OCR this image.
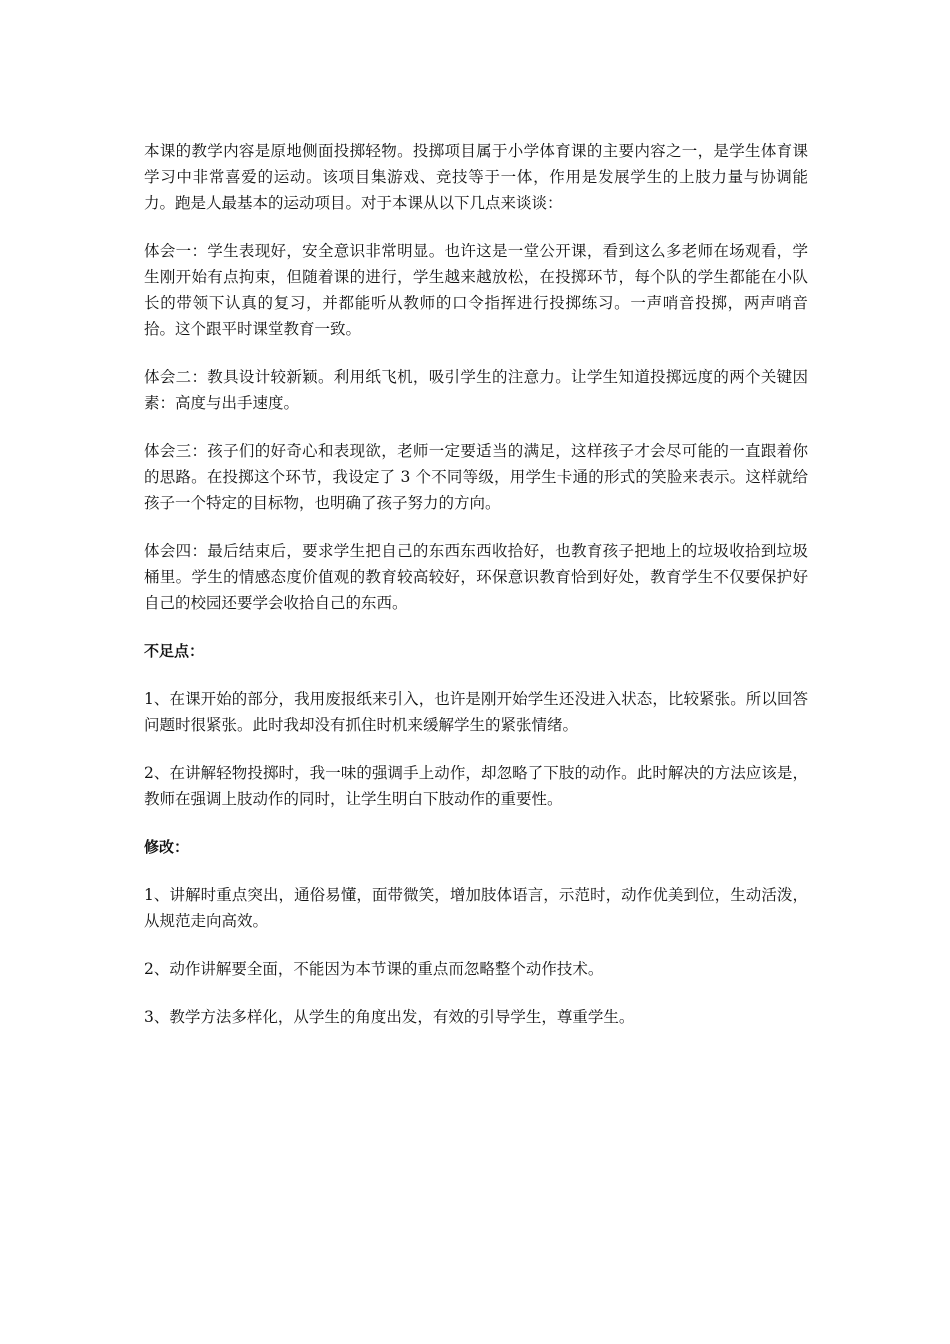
本课的教学内容是原地侧面投掷轻物。投掷项目属于小学体育课的主要内容之一，是学生体育课学习中非常喜爱的运动。该项目集游戏、竞技等于一体，作用是发展学生的上肢力量与协调能力。跑是人最基本的运动项目。对于本课从以下几点来谈谈：

体会一：学生表现好，安全意识非常明显。也许这是一堂公开课，看到这么多老师在场观看，学生刚开始有点拘束，但随着课的进行，学生越来越放松，在投掷环节，每个队的学生都能在小队长的带领下认真的复习，并都能听从教师的口令指挥进行投掷练习。一声哨音投掷，两声哨音拾。这个跟平时课堂教育一致。

体会二：教具设计较新颖。利用纸飞机，吸引学生的注意力。让学生知道投掷远度的两个关键因素：高度与出手速度。

体会三：孩子们的好奇心和表现欲，老师一定要适当的满足，这样孩子才会尽可能的一直跟着你的思路。在投掷这个环节，我设定了 3 个不同等级，用学生卡通的形式的笑脸来表示。这样就给孩子一个特定的目标物，也明确了孩子努力的方向。

体会四：最后结束后，要求学生把自己的东西东西收拾好，也教育孩子把地上的垃圾收拾到垃圾桶里。学生的情感态度价值观的教育较高较好，环保意识教育恰到好处，教育学生不仅要保护好自己的校园还要学会收拾自己的东西。

不足点：

1、在课开始的部分，我用废报纸来引入，也许是刚开始学生还没进入状态，比较紧张。所以回答问题时很紧张。此时我却没有抓住时机来缓解学生的紧张情绪。

2、在讲解轻物投掷时，我一味的强调手上动作，却忽略了下肢的动作。此时解决的方法应该是，教师在强调上肢动作的同时，让学生明白下肢动作的重要性。

修改：

1、讲解时重点突出，通俗易懂，面带微笑，增加肢体语言，示范时，动作优美到位，生动活泼，从规范走向高效。

2、动作讲解要全面，不能因为本节课的重点而忽略整个动作技术。

3、教学方法多样化，从学生的角度出发，有效的引导学生，尊重学生。
